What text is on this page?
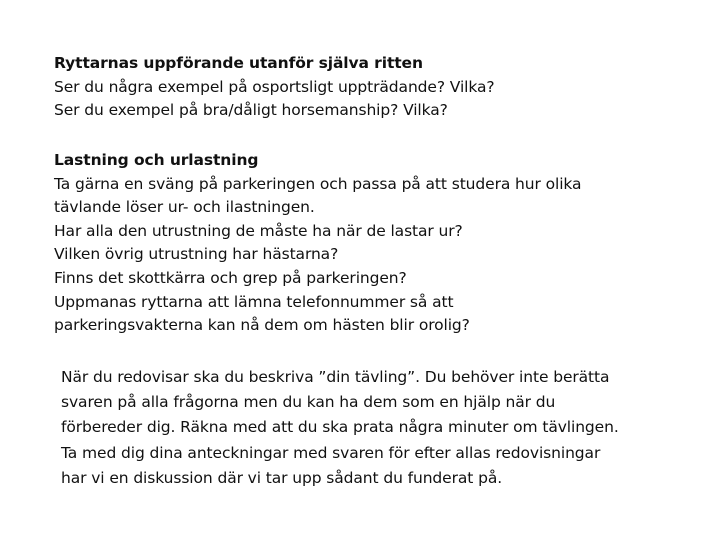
Ryttarnas uppförande utanför själva ritten
Ser du några exempel på osportsligt uppträdande? Vilka?
Ser du exempel på bra/dåligt horsemanship? Vilka?
Lastning och urlastning
Ta gärna en sväng på parkeringen och passa på att studera hur olika
tävlande löser ur- och ilastningen.
Har alla den utrustning de måste ha när de lastar ur?
Vilken övrig utrustning har hästarna?
Finns det skottkärra och grep på parkeringen?
Uppmanas ryttarna att lämna telefonnummer så att
parkeringsvakterna kan nå dem om hästen blir orolig?
När du redovisar ska du beskriva ”din tävling”. Du behöver inte berätta
svaren på alla frågorna men du kan ha dem som en hjälp när du
förbereder dig. Räkna med att du ska prata några minuter om tävlingen.
Ta med dig dina anteckningar med svaren för efter allas redovisningar
har vi en diskussion där vi tar upp sådant du funderat på.
